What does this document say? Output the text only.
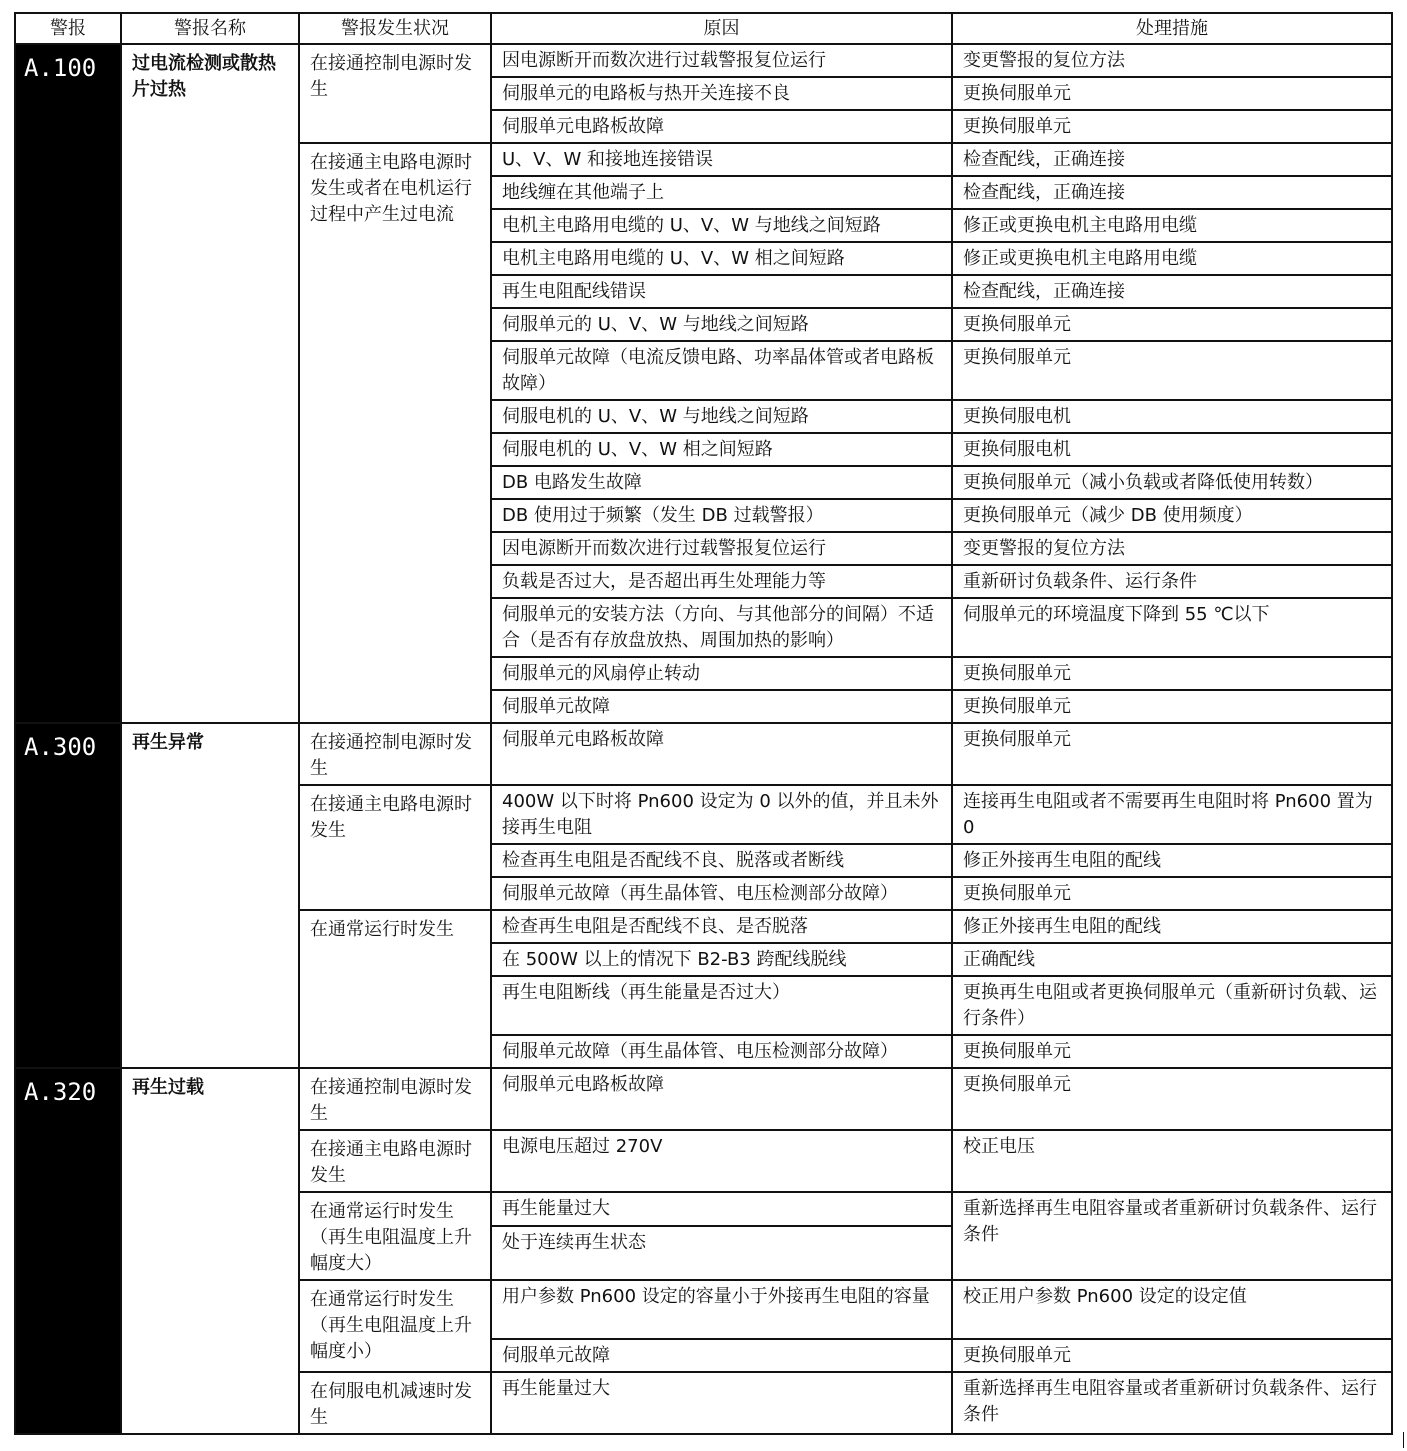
警报	警报名称	警报发生状况	原因	处理措施
A.100	过电流检测或散热片过热	在接通控制电源时发生	因电源断开而数次进行过载警报复位运行	变更警报的复位方法
			伺服单元的电路板与热开关连接不良	更换伺服单元
			伺服单元电路板故障	更换伺服单元
		在接通主电路电源时发生或者在电机运行过程中产生过电流	U、V、W 和接地连接错误	检查配线，正确连接
			地线缠在其他端子上	检查配线，正确连接
			电机主电路用电缆的 U、V、W 与地线之间短路	修正或更换电机主电路用电缆
			电机主电路用电缆的 U、V、W 相之间短路	修正或更换电机主电路用电缆
			再生电阻配线错误	检查配线，正确连接
			伺服单元的 U、V、W 与地线之间短路	更换伺服单元
			伺服单元故障（电流反馈电路、功率晶体管或者电路板故障）	更换伺服单元
			伺服电机的 U、V、W 与地线之间短路	更换伺服电机
			伺服电机的 U、V、W 相之间短路	更换伺服电机
			DB 电路发生故障	更换伺服单元（减小负载或者降低使用转数）
			DB 使用过于频繁（发生 DB 过载警报）	更换伺服单元（减少 DB 使用频度）
			因电源断开而数次进行过载警报复位运行	变更警报的复位方法
			负载是否过大，是否超出再生处理能力等	重新研讨负载条件、运行条件
			伺服单元的安装方法（方向、与其他部分的间隔）不适合（是否有存放盘放热、周围加热的影响）	伺服单元的环境温度下降到 55 ℃以下
			伺服单元的风扇停止转动	更换伺服单元
			伺服单元故障	更换伺服单元
A.300	再生异常	在接通控制电源时发生	伺服单元电路板故障	更换伺服单元
		在接通主电路电源时发生	400W 以下时将 Pn600 设定为 0 以外的值，并且未外接再生电阻	连接再生电阻或者不需要再生电阻时将 Pn600 置为 0
			检查再生电阻是否配线不良、脱落或者断线	修正外接再生电阻的配线
			伺服单元故障（再生晶体管、电压检测部分故障）	更换伺服单元
		在通常运行时发生	检查再生电阻是否配线不良、是否脱落	修正外接再生电阻的配线
			在 500W 以上的情况下 B2-B3 跨配线脱线	正确配线
			再生电阻断线（再生能量是否过大）	更换再生电阻或者更换伺服单元（重新研讨负载、运行条件）
			伺服单元故障（再生晶体管、电压检测部分故障）	更换伺服单元
A.320	再生过载	在接通控制电源时发生	伺服单元电路板故障	更换伺服单元
		在接通主电路电源时发生	电源电压超过 270V	校正电压
		在通常运行时发生（再生电阻温度上升幅度大）	再生能量过大	重新选择再生电阻容量或者重新研讨负载条件、运行条件
			处于连续再生状态	
		在通常运行时发生（再生电阻温度上升幅度小）	用户参数 Pn600 设定的容量小于外接再生电阻的容量	校正用户参数 Pn600 设定的设定值
			伺服单元故障	更换伺服单元
		在伺服电机减速时发生	再生能量过大	重新选择再生电阻容量或者重新研讨负载条件、运行条件
